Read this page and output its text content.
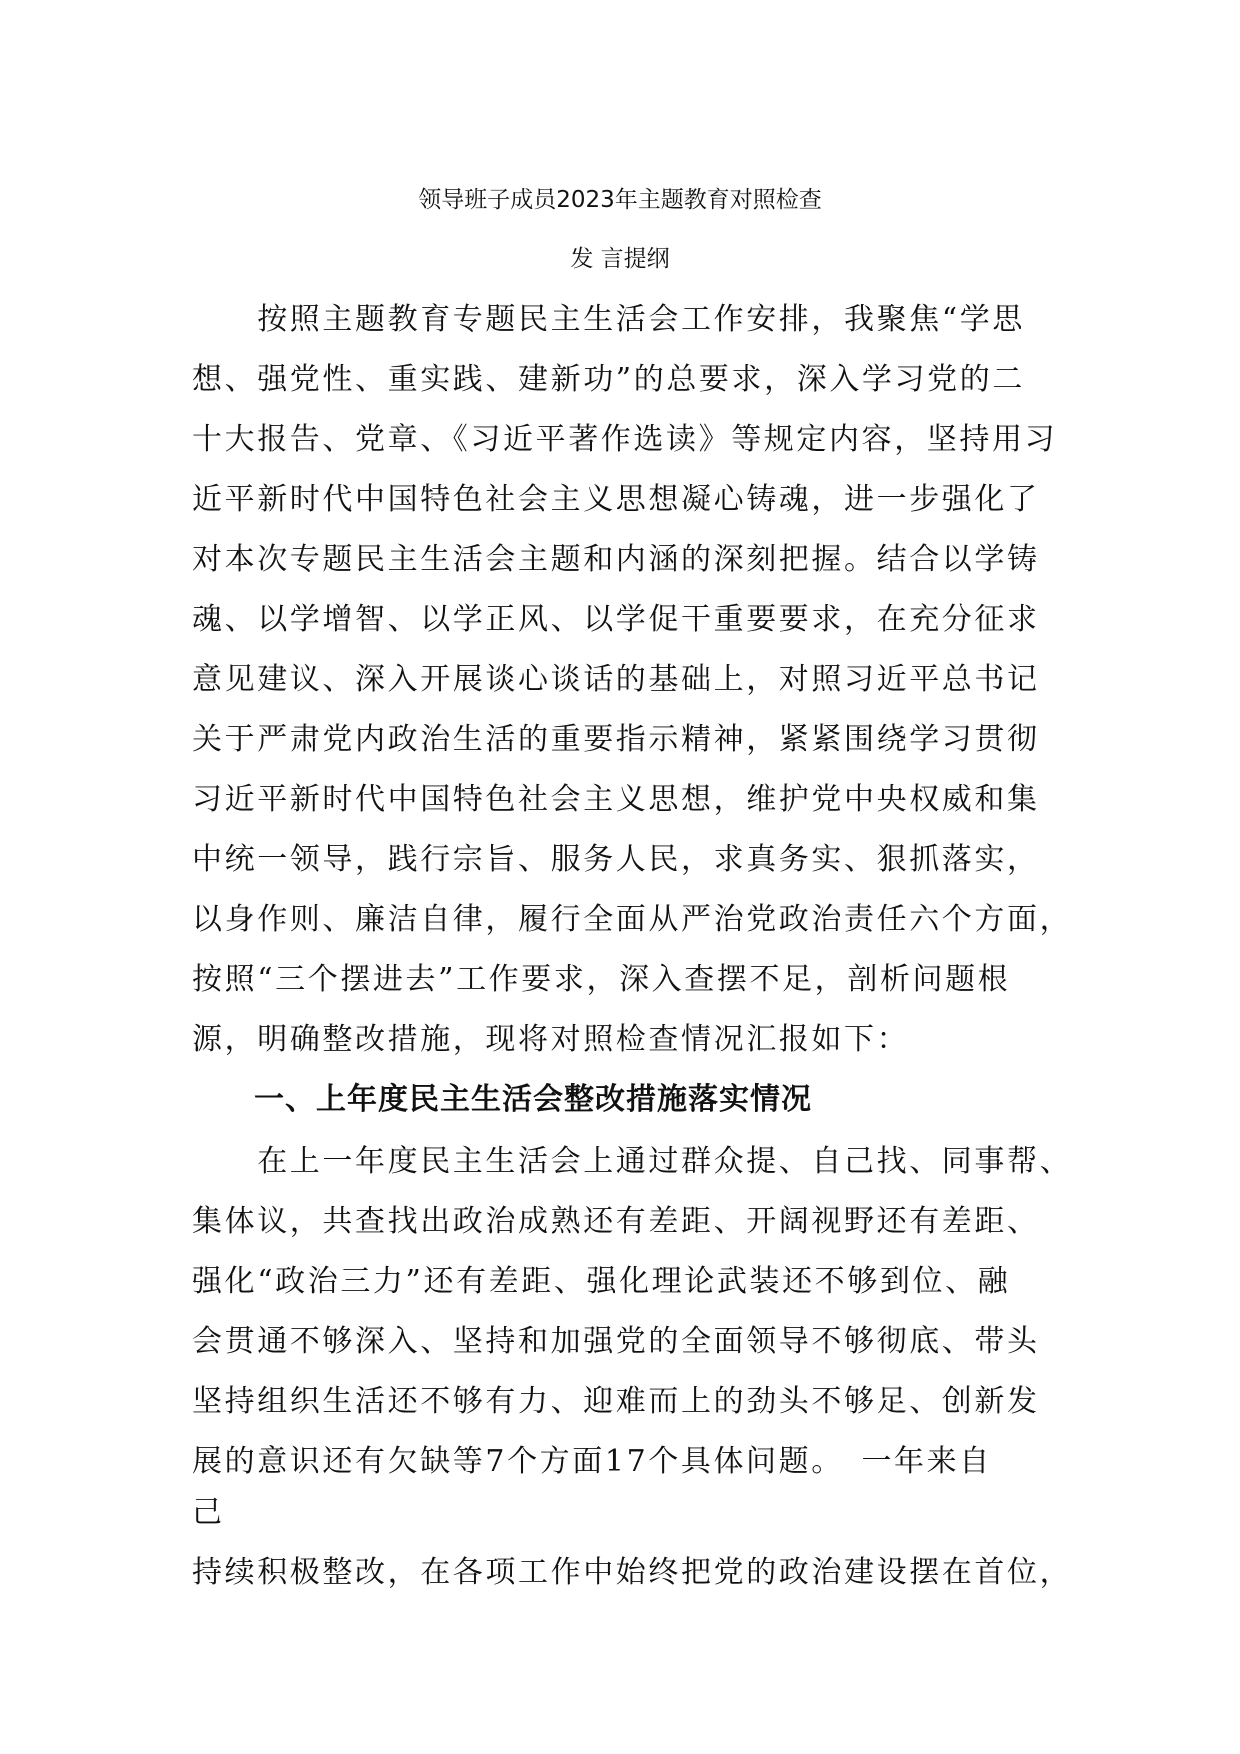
领导班子成员2023年主题教育对照检查
发 言提纲
　　按照主题教育专题民主生活会工作安排，我聚焦“学思
想、强党性、重实践、建新功”的总要求，深入学习党的二
十大报告、党章、《习近平著作选读》等规定内容，坚持用习
近平新时代中国特色社会主义思想凝心铸魂，进一步强化了
对本次专题民主生活会主题和内涵的深刻把握。结合以学铸
魂、以学增智、以学正风、以学促干重要要求，在充分征求
意见建议、深入开展谈心谈话的基础上，对照习近平总书记
关于严肃党内政治生活的重要指示精神，紧紧围绕学习贯彻
习近平新时代中国特色社会主义思想，维护党中央权威和集
中统一领导，践行宗旨、服务人民，求真务实、狠抓落实，
以身作则、廉洁自律，履行全面从严治党政治责任六个方面，
按照“三个摆进去”工作要求，深入查摆不足，剖析问题根
源，明确整改措施，现将对照检查情况汇报如下：
　　一、上年度民主生活会整改措施落实情况
　　在上一年度民主生活会上通过群众提、自己找、同事帮、
集体议，共查找出政治成熟还有差距、开阔视野还有差距、
强化“政治三力”还有差距、强化理论武装还不够到位、融
会贯通不够深入、坚持和加强党的全面领导不够彻底、带头
坚持组织生活还不够有力、迎难而上的劲头不够足、创新发
展的意识还有欠缺等7个方面17个具体问题。　一年来自
己
持续积极整改，在各项工作中始终把党的政治建设摆在首位，
